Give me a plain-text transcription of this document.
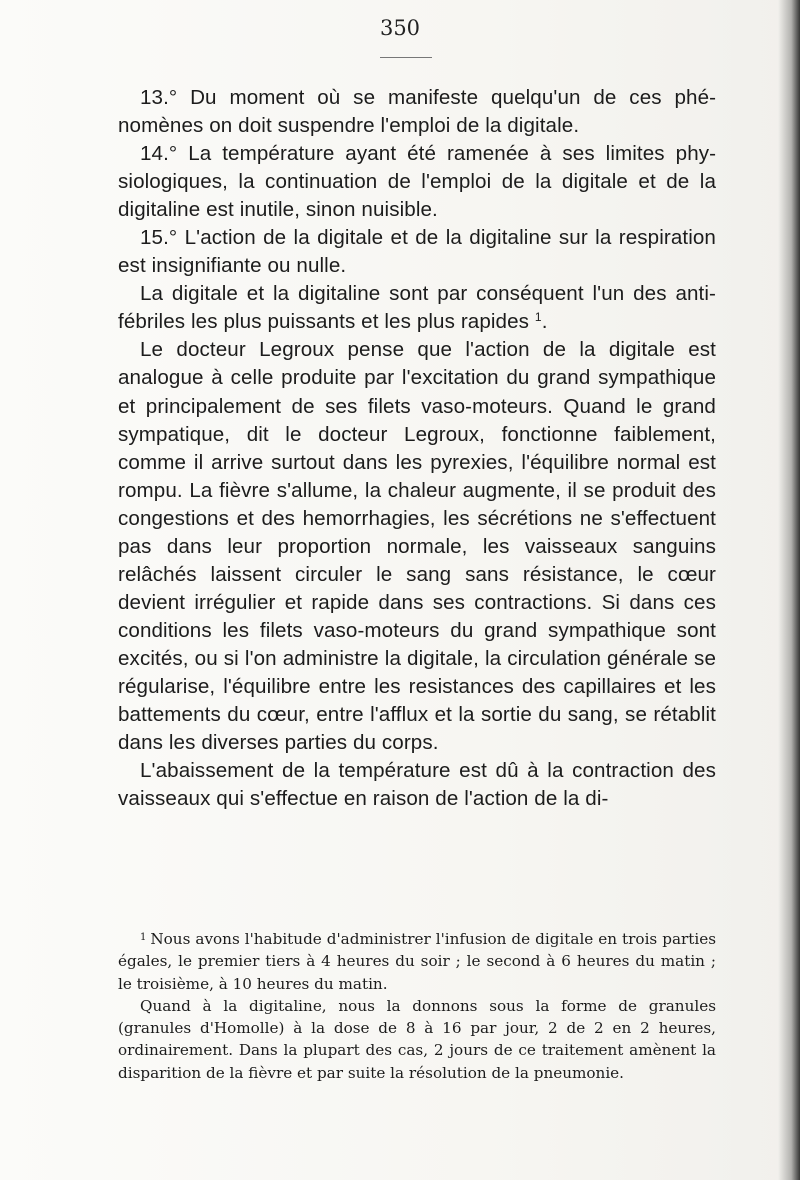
350

13.° Du moment où se manifeste quelqu'un de ces phénomènes on doit suspendre l'emploi de la digitale.

14.° La température ayant été ramenée à ses limites physiologiques, la continuation de l'emploi de la digitale et de la digitaline est inutile, sinon nuisible.

15.° L'action de la digitale et de la digitaline sur la respiration est insignifiante ou nulle.

La digitale et la digitaline sont par conséquent l'un des anti-fébriles les plus puissants et les plus rapides $^1$.

Le docteur Legroux pense que l'action de la digitale est analogue à celle produite par l'excitation du grand sympathique et principalement de ses filets vaso-moteurs. Quand le grand sympatique, dit le docteur Legroux, fonctionne faiblement, comme il arrive surtout dans les pyrexies, l'équilibre normal est rompu. La fièvre s'allume, la chaleur augmente, il se produit des congestions et des hemorrhagies, les sécrétions ne s'effectuent pas dans leur proportion normale, les vaisseaux sanguins relâchés laissent circuler le sang sans résistance, le cœur devient irrégulier et rapide dans ses contractions. Si dans ces conditions les filets vaso-moteurs du grand sympathique sont excités, ou si l'on administre la digitale, la circulation générale se régularise, l'équilibre entre les resistances des capillaires et les battements du cœur, entre l'afflux et la sortie du sang, se rétablit dans les diverses parties du corps.

L'abaissement de la température est dû à la contraction des vaisseaux qui s'effectue en raison de l'action de la di-

$^1$ Nous avons l'habitude d'administrer l'infusion de digitale en trois parties égales, le premier tiers à 4 heures du soir ; le second à 6 heures du matin ; le troisième, à 10 heures du matin.

Quand à la digitaline, nous la donnons sous la forme de granules (granules d'Homolle) à la dose de 8 à 16 par jour, 2 de 2 en 2 heures, ordinairement. Dans la plupart des cas, 2 jours de ce traitement amènent la disparition de la fièvre et par suite la résolution de la pneumonie.
